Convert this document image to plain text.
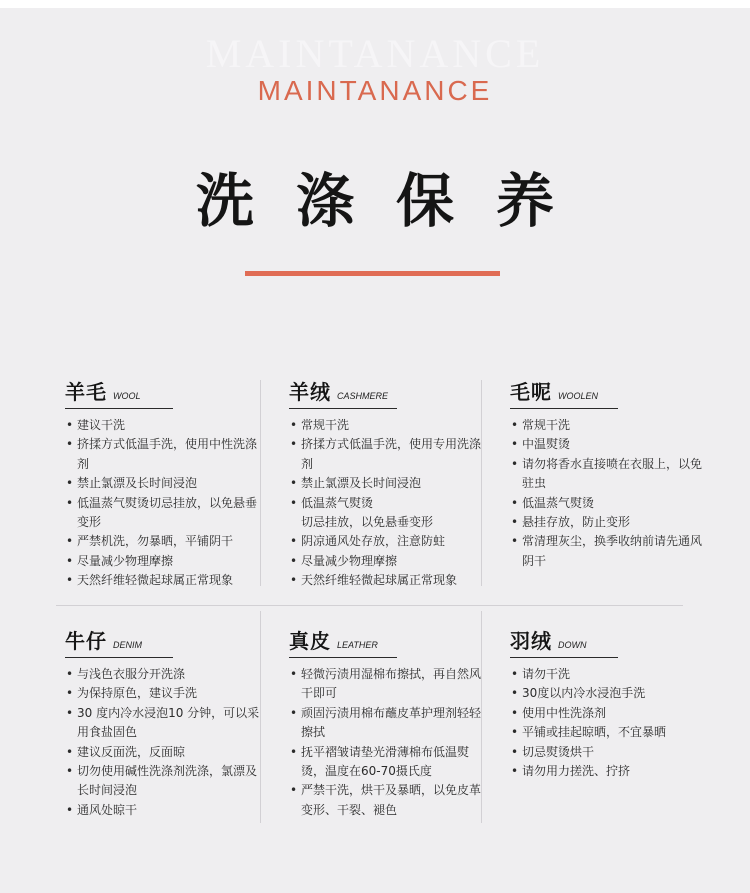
MAINTANANCE
MAINTANANCE
洗涤保养
羊毛 WOOL
• 建议干洗
• 挤揉方式低温手洗，使用中性洗涤剂
• 禁止氯漂及长时间浸泡
• 低温蒸气熨烫切忌挂放，以免悬垂变形
• 严禁机洗，勿暴晒，平铺阴干
• 尽量减少物理摩擦
• 天然纤维轻微起球属正常现象
羊绒 CASHMERE
• 常规干洗
• 挤揉方式低温手洗，使用专用洗涤剂
• 禁止氯漂及长时间浸泡
• 低温蒸气熨烫
切忌挂放，以免悬垂变形
• 阴凉通风处存放，注意防蛀
• 尽量减少物理摩擦
• 天然纤维轻微起球属正常现象
毛呢 WOOLEN
• 常规干洗
• 中温熨烫
• 请勿将香水直接喷在衣服上，以免驻虫
• 低温蒸气熨烫
• 悬挂存放，防止变形
• 常清理灰尘，换季收纳前请先通风阴干
牛仔 DENIM
• 与浅色衣服分开洗涤
• 为保持原色，建议手洗
• 30 度内冷水浸泡10 分钟，可以采用食盐固色
• 建议反面洗，反面晾
• 切勿使用碱性洗涤剂洗涤，氯漂及长时间浸泡
• 通风处晾干
真皮 LEATHER
• 轻微污渍用湿棉布擦拭，再自然风干即可
• 顽固污渍用棉布蘸皮革护理剂轻轻擦拭
• 抚平褶皱请垫光滑薄棉布低温熨烫，温度在60-70摄氏度
• 严禁干洗，烘干及暴晒，以免皮革变形、干裂、褪色
羽绒 DOWN
• 请勿干洗
• 30度以内冷水浸泡手洗
• 使用中性洗涤剂
• 平铺或挂起晾晒，不宜暴晒
• 切忌熨烫烘干
• 请勿用力搓洗、拧挤
